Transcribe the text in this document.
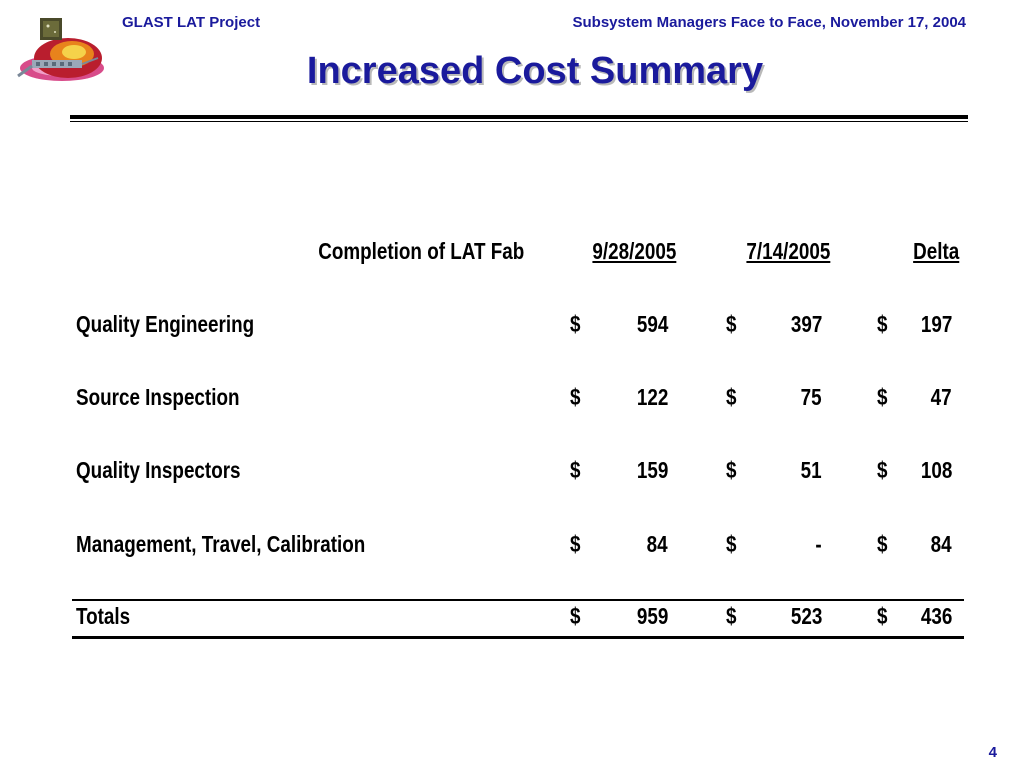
GLAST LAT Project	Subsystem Managers Face to Face, November 17, 2004
Increased Cost Summary
Completion of LAT Fab	9/28/2005	7/14/2005	Delta
Quality Engineering	$ 594	$ 397 $ 197
Source Inspection	$ 122	$	75 $ 47
Quality Inspectors	$ 159	$	51 $ 108
Management, Travel, Calibration	$	84	$	- $ 84
Totals	$ 959	$ 523 $ 436
4
